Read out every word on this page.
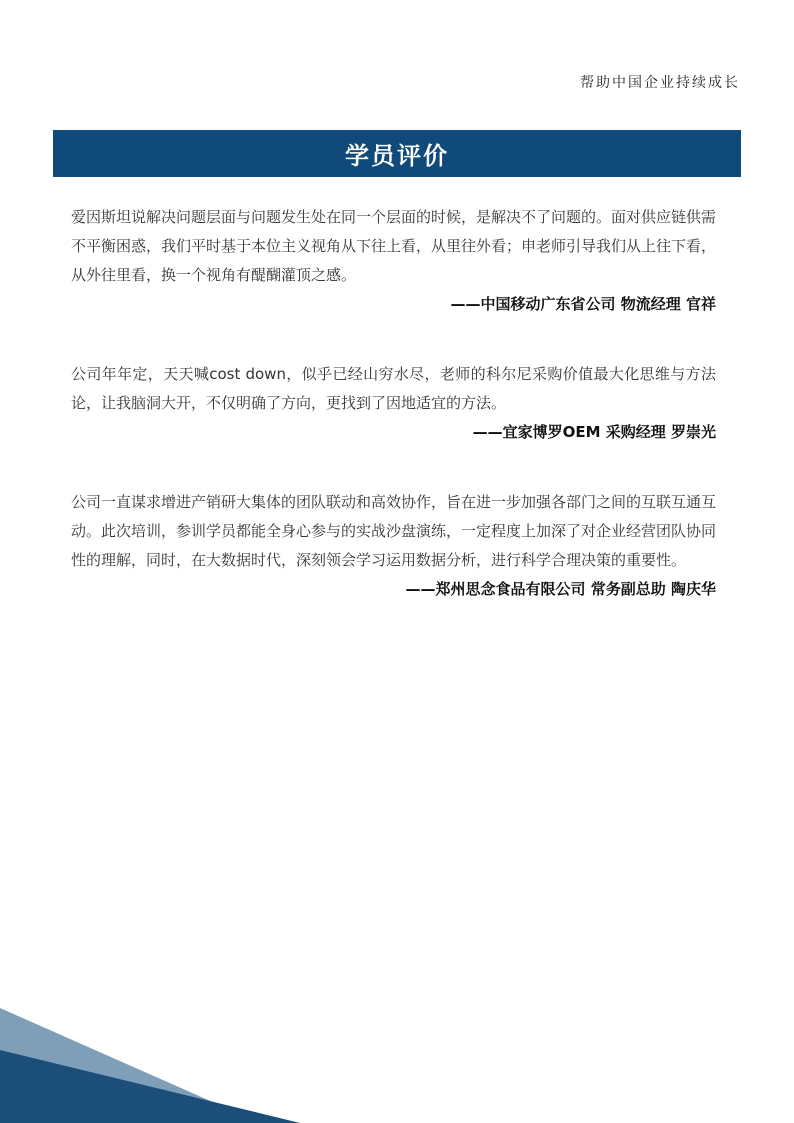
帮助中国企业持续成长
学员评价

爱因斯坦说解决问题层面与问题发生处在同一个层面的时候，是解决不了问题的。面对供应链供需不平衡困惑，我们平时基于本位主义视角从下往上看，从里往外看；申老师引导我们从上往下看，从外往里看，换一个视角有醍醐灌顶之感。

——中国移动广东省公司 物流经理 官祥

公司年年定，天天喊cost down，似乎已经山穷水尽，老师的科尔尼采购价值最大化思维与方法论，让我脑洞大开，不仅明确了方向，更找到了因地适宜的方法。

——宜家博罗OEM 采购经理 罗崇光

公司一直谋求增进产销研大集体的团队联动和高效协作，旨在进一步加强各部门之间的互联互通互动。此次培训，参训学员都能全身心参与的实战沙盘演练，一定程度上加深了对企业经营团队协同性的理解，同时，在大数据时代，深刻领会学习运用数据分析，进行科学合理决策的重要性。

——郑州思念食品有限公司 常务副总助 陶庆华
